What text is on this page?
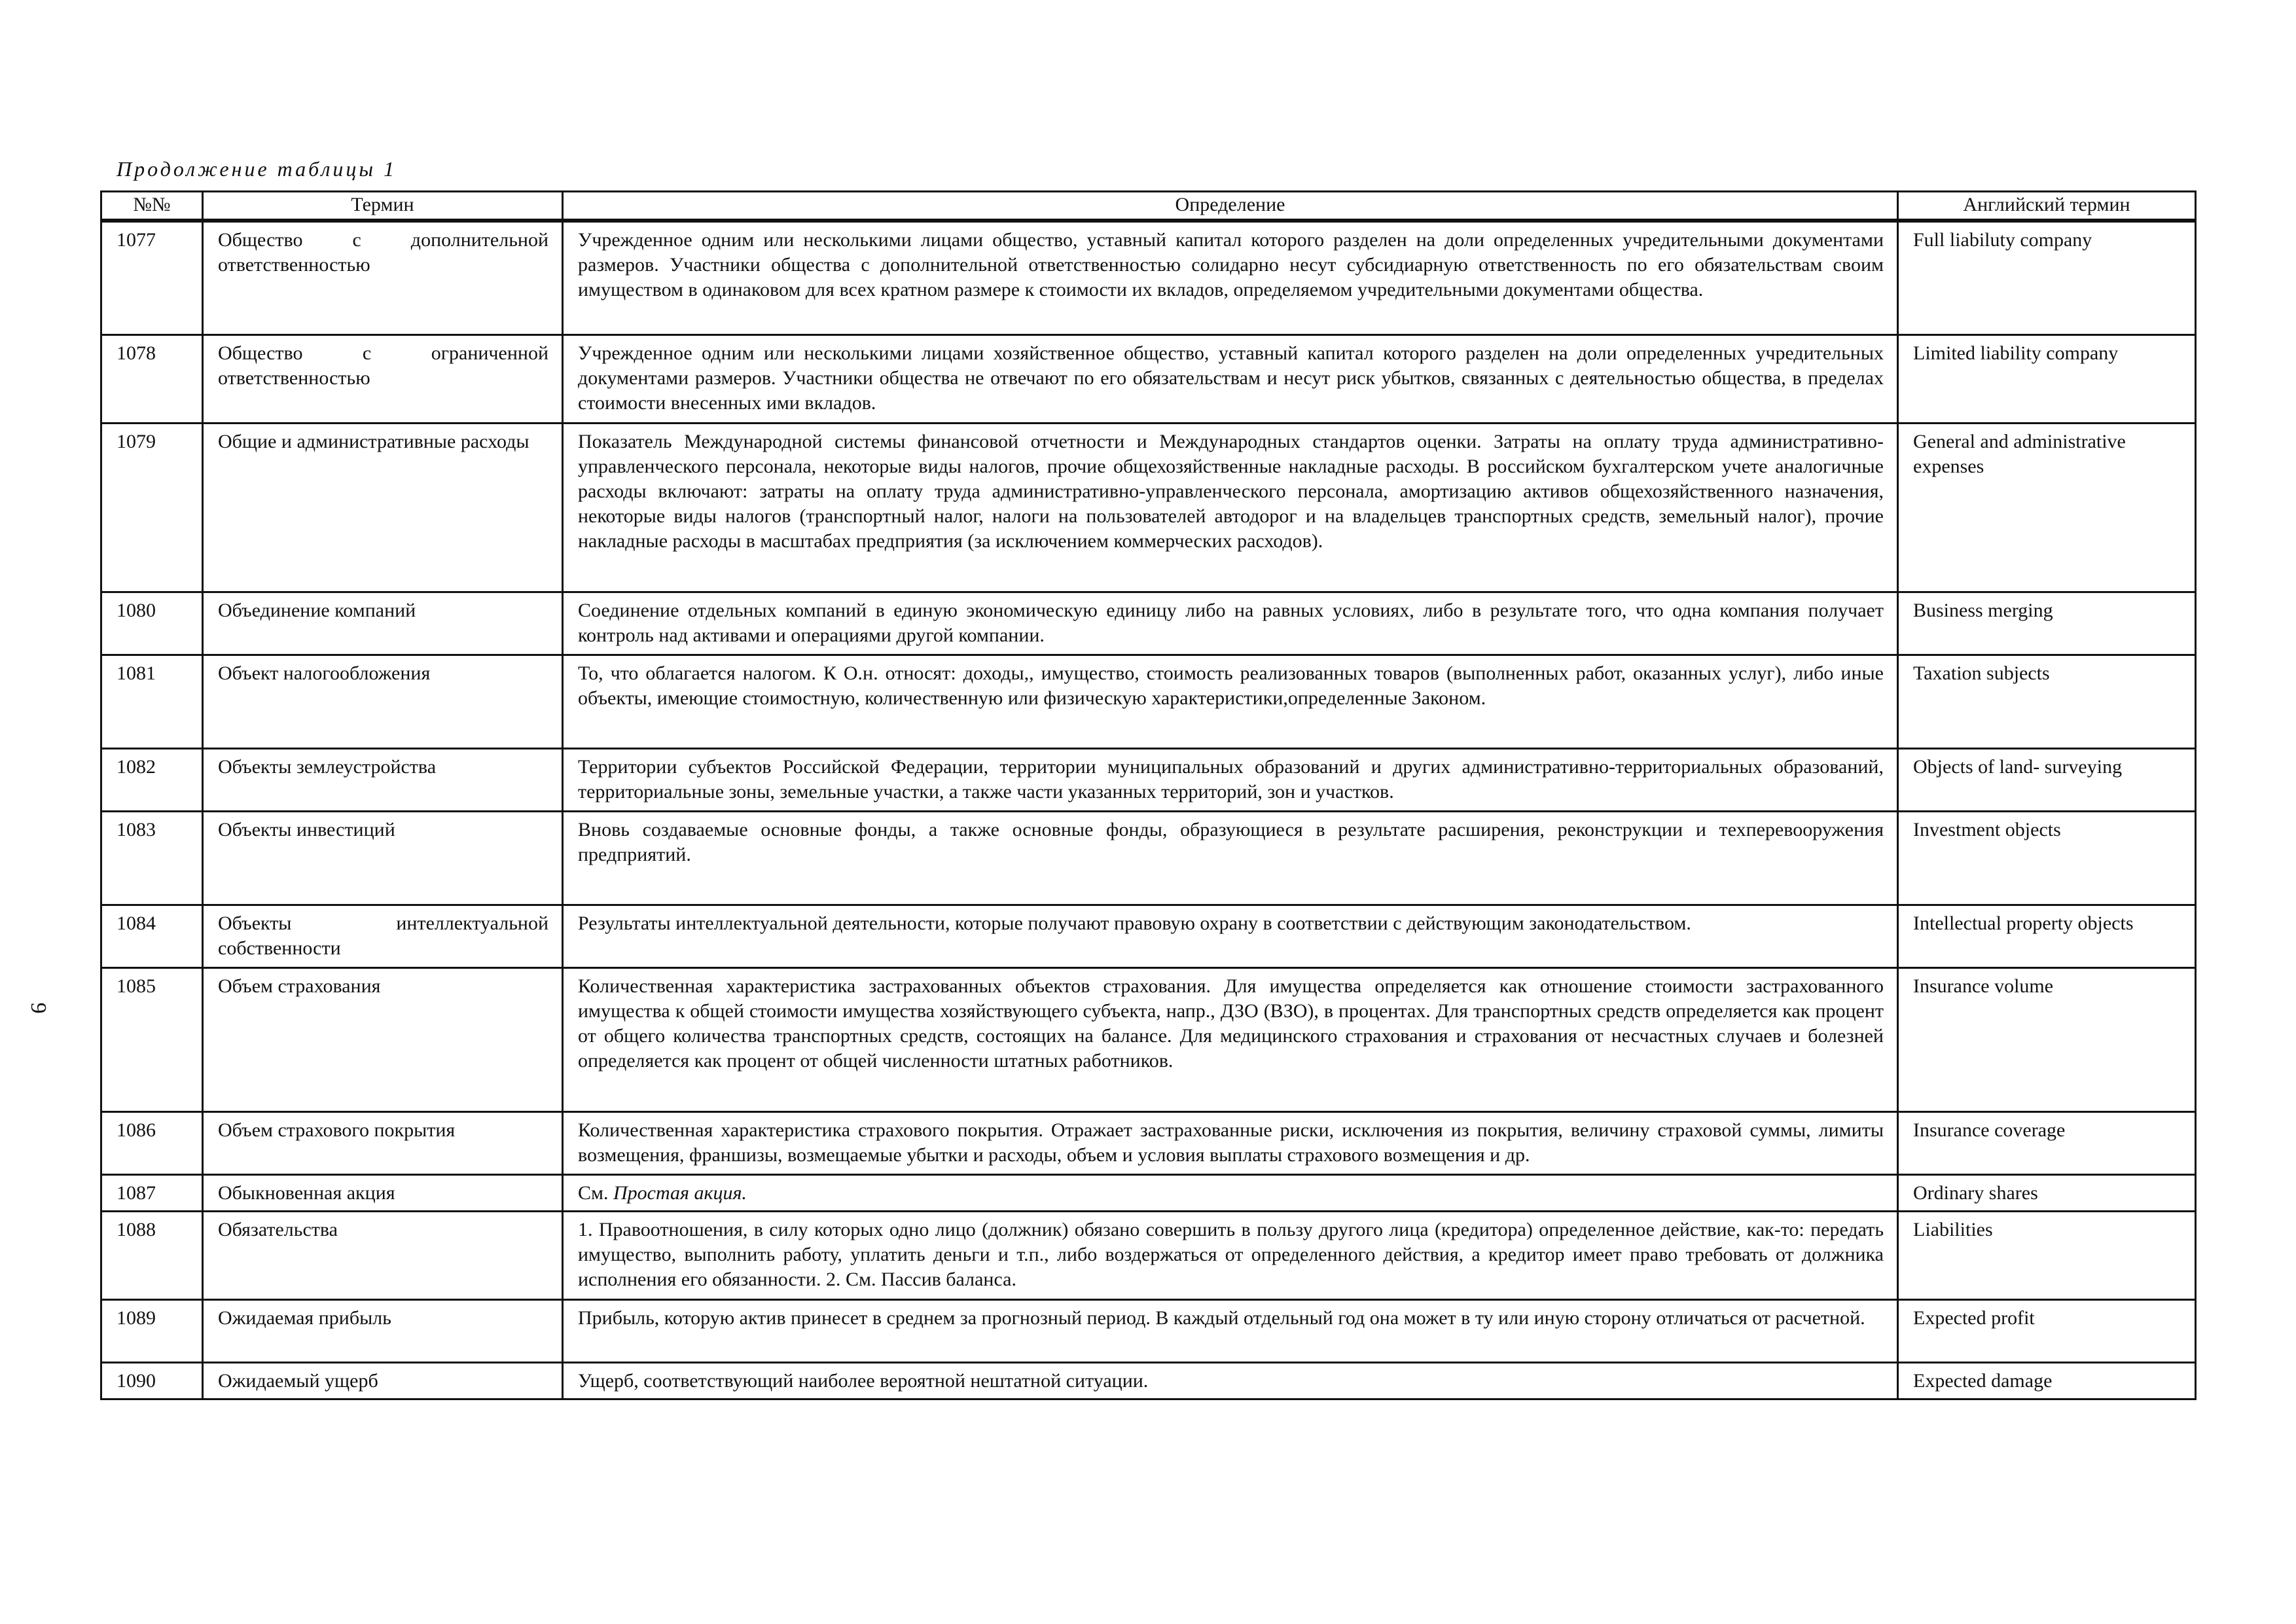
Продолжение таблицы 1
9
№№	Термин	Определение	Английский термин
1077	Общество с дополнительной ответственностью	Учрежденное одним или несколькими лицами общество, уставный капитал которого разделен на доли определенных учредительными документами размеров. Участники общества с дополнительной ответственностью солидарно несут субсидиарную ответственность по его обязательствам своим имуществом в одинаковом для всех кратном размере к стоимости их вкладов, определяемом учредительными документами общества.	Full liabiluty company
1078	Общество с ограниченной ответственностью	Учрежденное одним или несколькими лицами хозяйственное общество, уставный капитал которого разделен на доли определенных учредительных документами размеров. Участники общества не отвечают по его обязательствам и несут риск убытков, связанных с деятельностью общества, в пределах стоимости внесенных ими вкладов.	Limited liability company
1079	Общие и административные расходы	Показатель Международной системы финансовой отчетности и Международных стандартов оценки. Затраты на оплату труда административно-управленческого персонала, некоторые виды налогов, прочие общехозяйственные накладные расходы. В российском бухгалтерском учете аналогичные расходы включают: затраты на оплату труда административно-управленческого персонала, амортизацию активов общехозяйственного назначения, некоторые виды налогов (транспортный налог, налоги на пользователей автодорог и на владельцев транспортных средств, земельный налог), прочие накладные расходы в масштабах предприятия (за исключением коммерческих расходов).	General and administrative expenses
1080	Объединение компаний	Соединение отдельных компаний в единую экономическую единицу либо на равных условиях, либо в результате того, что одна компания получает контроль над активами и операциями другой компании.	Business merging
1081	Объект налогообложения	То, что облагается налогом. К О.н. относят: доходы,, имущество, стоимость реализованных товаров (выполненных работ, оказанных услуг), либо иные объекты, имеющие стоимостную, количественную или физическую характеристики,определенные Законом.	Taxation subjects
1082	Объекты землеустройства	Территории субъектов Российской Федерации, территории муниципальных образований и других административно-территориальных образований, территориальные зоны, земельные участки, а также части указанных территорий, зон и участков.	Objects of land- surveying
1083	Объекты инвестиций	Вновь создаваемые основные фонды, а также основные фонды, образующиеся в результате расширения, реконструкции и техперевооружения предприятий.	Investment objects
1084	Объекты интеллектуальной собственности	Результаты интеллектуальной деятельности, которые получают правовую охрану в соответствии с действующим законодательством.	Intellectual property objects
1085	Объем страхования	Количественная характеристика застрахованных объектов страхования. Для имущества определяется как отношение стоимости застрахованного имущества к общей стоимости имущества хозяйствующего субъекта, напр., ДЗО (ВЗО), в процентах. Для транспортных средств определяется как процент от общего количества транспортных средств, состоящих на балансе. Для медицинского страхования и страхования от несчастных случаев и болезней определяется как процент от общей численности штатных работников.	Insurance volume
1086	Объем страхового покрытия	Количественная характеристика страхового покрытия. Отражает застрахованные риски, исключения из покрытия, величину страховой суммы, лимиты возмещения, франшизы, возмещаемые убытки и расходы, объем и условия выплаты страхового возмещения и др.	Insurance coverage
1087	Обыкновенная акция	См. Простая акция.	Ordinary shares
1088	Обязательства	1. Правоотношения, в силу которых одно лицо (должник) обязано совершить в пользу другого лица (кредитора) определенное действие, как-то: передать имущество, выполнить работу, уплатить деньги и т.п., либо воздержаться от определенного действия, а кредитор имеет право требовать от должника исполнения его обязанности. 2. См. Пассив баланса.	Liabilities
1089	Ожидаемая прибыль	Прибыль, которую актив принесет в среднем за прогнозный период. В каждый отдельный год она может в ту или иную сторону отличаться от расчетной.	Expected profit
1090	Ожидаемый ущерб	Ущерб, соответствующий наиболее вероятной нештатной ситуации.	Expected damage
